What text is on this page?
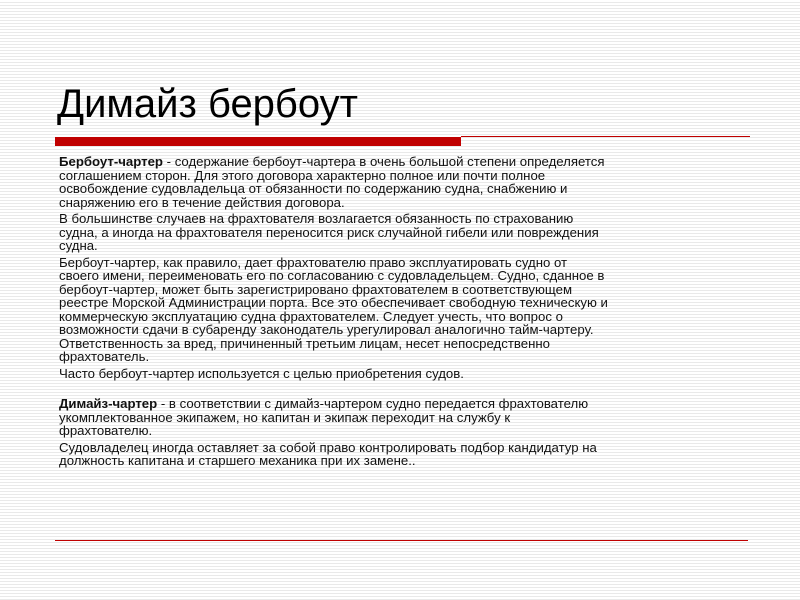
Димайз бербоут

Бербоут-чартер - содержание бербоут-чартера в очень большой степени определяется
соглашением сторон. Для этого договора характерно полное или почти полное
освобождение судовладельца от обязанности по содержанию судна, снабжению и
снаряжению его в течение действия договора.

В большинстве случаев на фрахтователя возлагается обязанность по страхованию
судна, а иногда на фрахтователя переносится риск случайной гибели или повреждения
судна.

Бербоут-чартер, как правило, дает фрахтователю право эксплуатировать судно от
своего имени, переименовать его по согласованию с судовладельцем. Судно, сданное в
бербоут-чартер, может быть зарегистрировано фрахтователем в соответствующем
реестре Морской Администрации порта. Все это обеспечивает свободную техническую и
коммерческую эксплуатацию судна фрахтователем. Следует учесть, что вопрос о
возможности сдачи в субаренду законодатель урегулировал аналогично тайм-чартеру.
Ответственность за вред, причиненный третьим лицам, несет непосредственно
фрахтователь.

Часто бербоут-чартер используется с целью приобретения судов.

Димайз-чартер - в соответствии с димайз-чартером судно передается фрахтователю
укомплектованное экипажем, но капитан и экипаж переходит на службу к
фрахтователю.

Судовладелец иногда оставляет за собой право контролировать подбор кандидатур на
должность капитана и старшего механика при их замене..
